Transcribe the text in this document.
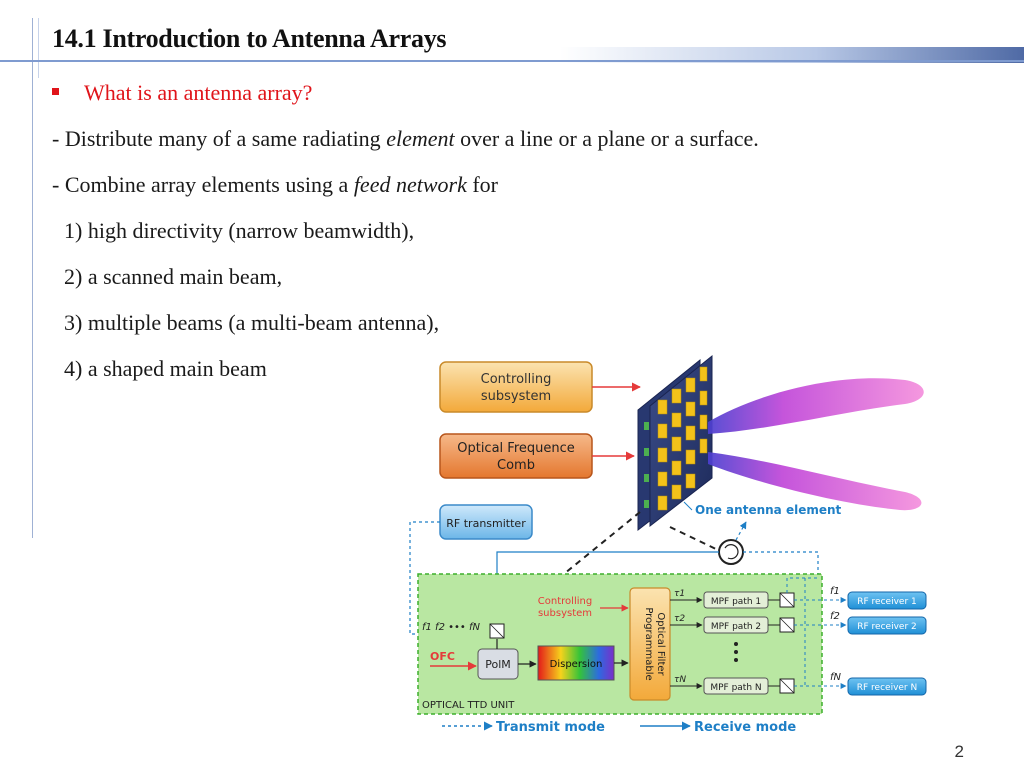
14.1 Introduction to Antenna Arrays
What is an antenna array?
- Distribute many of a same radiating element over a line or a plane or a surface.
- Combine array elements using a feed network for
1) high directivity (narrow beamwidth),
2) a scanned main beam,
3) multiple beams (a multi-beam antenna),
4) a shaped main beam	Controlling
subsystem
Optical Frequence
Comb
One antenna element
RF transmitter
f1 f2 ••• fN
OFC
PolM	Dispersion
Controlling
subsystem	Programmable Optical Filter
τ1
MPF path 1
τ2
MPF path 2
τN
MPF path N
f1
RF receiver 1
f2
RF receiver 2
fN
RF receiver N
OPTICAL TTD UNIT
Transmit mode	Receive mode
2
